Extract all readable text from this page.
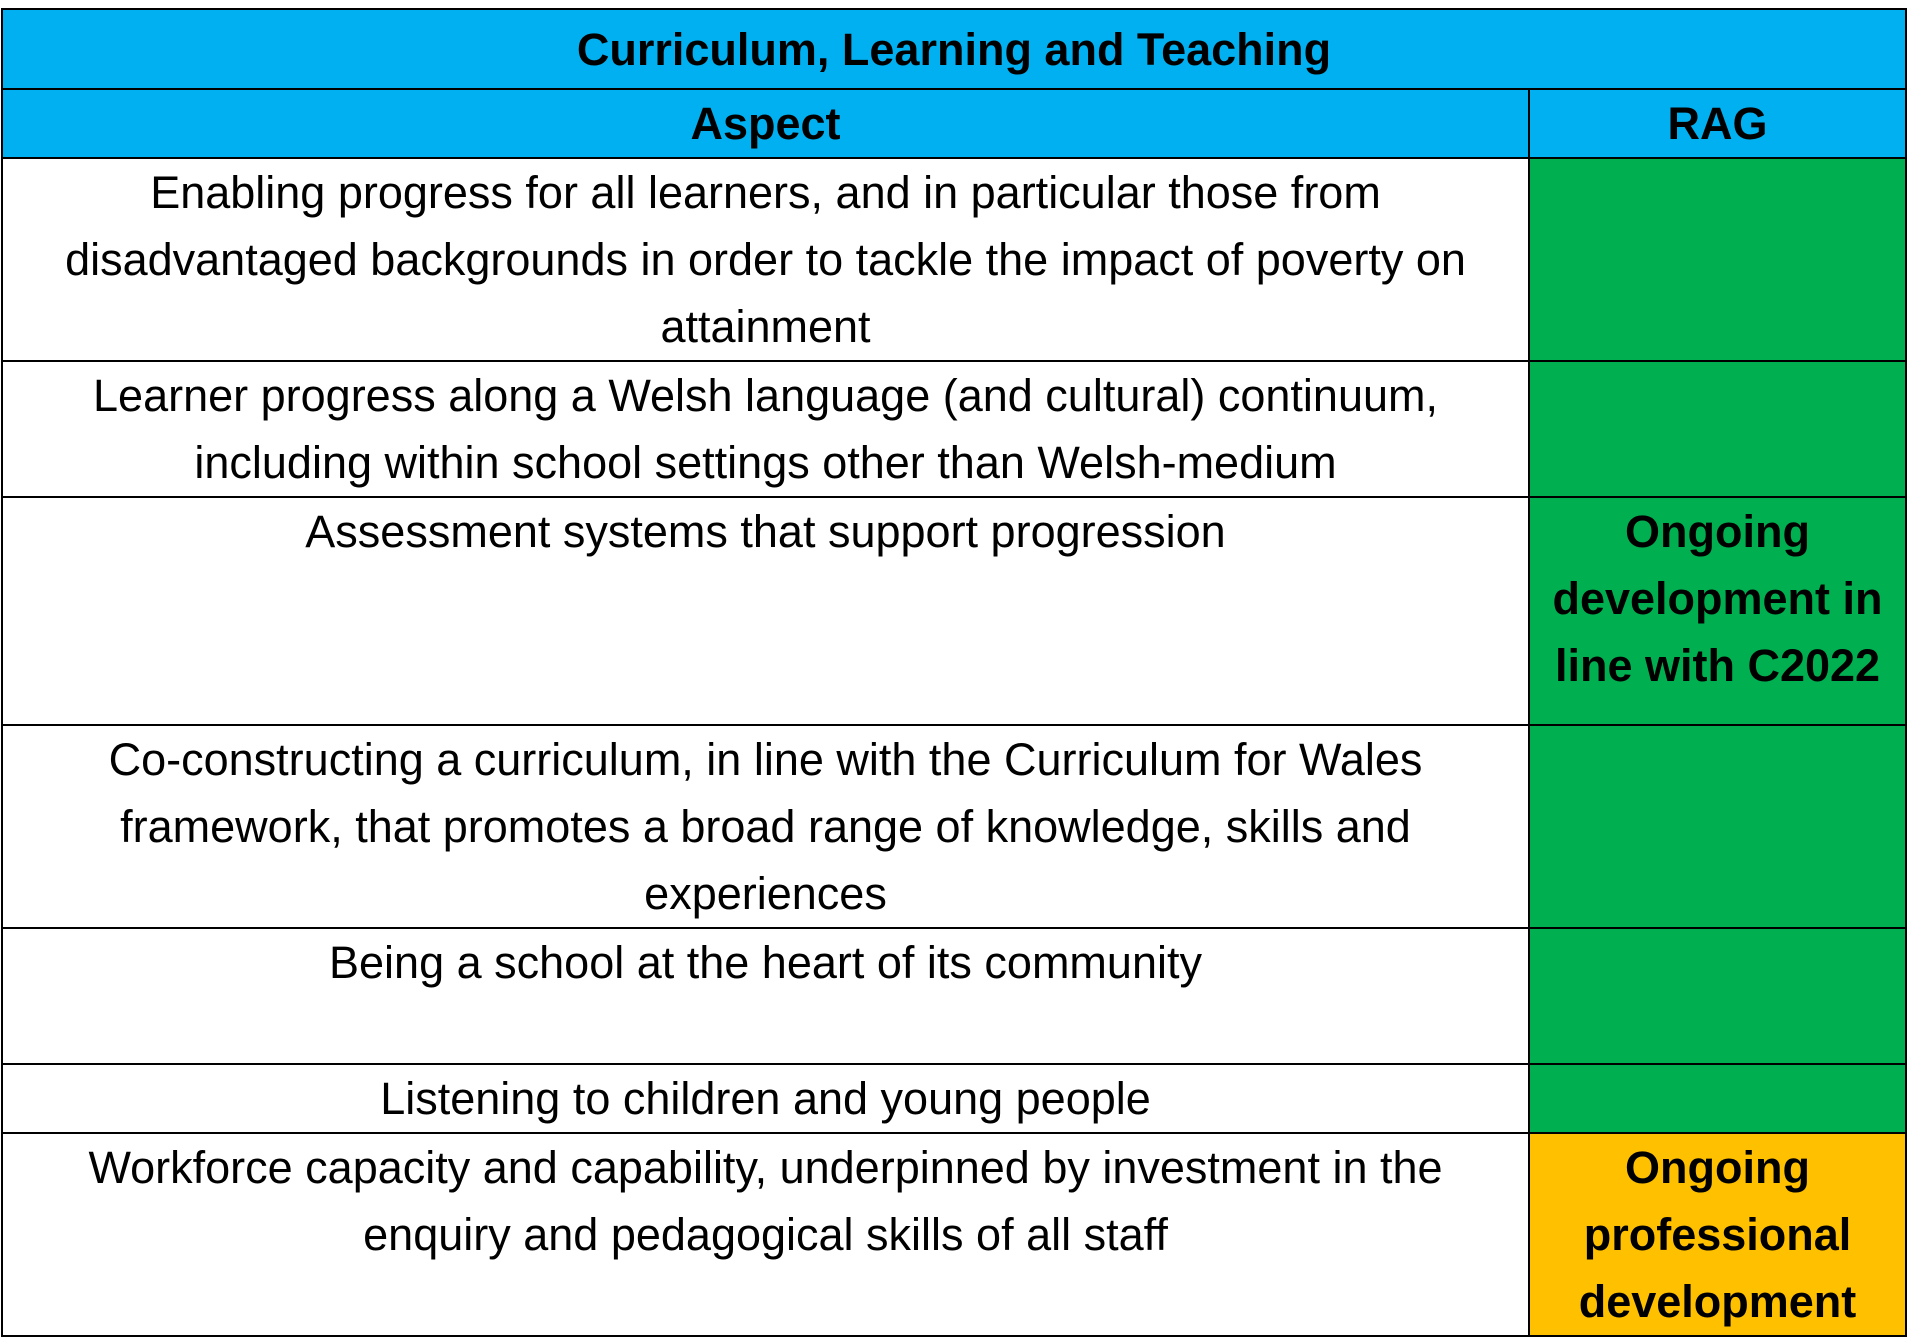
Curriculum, Learning and Teaching	
Aspect	RAG
Enabling progress for all learners, and in particular those from disadvantaged backgrounds in order to tackle the impact of poverty on attainment	
Learner progress along a Welsh language (and cultural) continuum, including within school settings other than Welsh-medium	
Assessment systems that support progression	Ongoing development in line with C2022
Co-constructing a curriculum, in line with the Curriculum for Wales framework, that promotes a broad range of knowledge, skills and experiences	
Being a school at the heart of its community	
Listening to children and young people	
Workforce capacity and capability, underpinned by investment in the enquiry and pedagogical skills of all staff	Ongoing professional development
